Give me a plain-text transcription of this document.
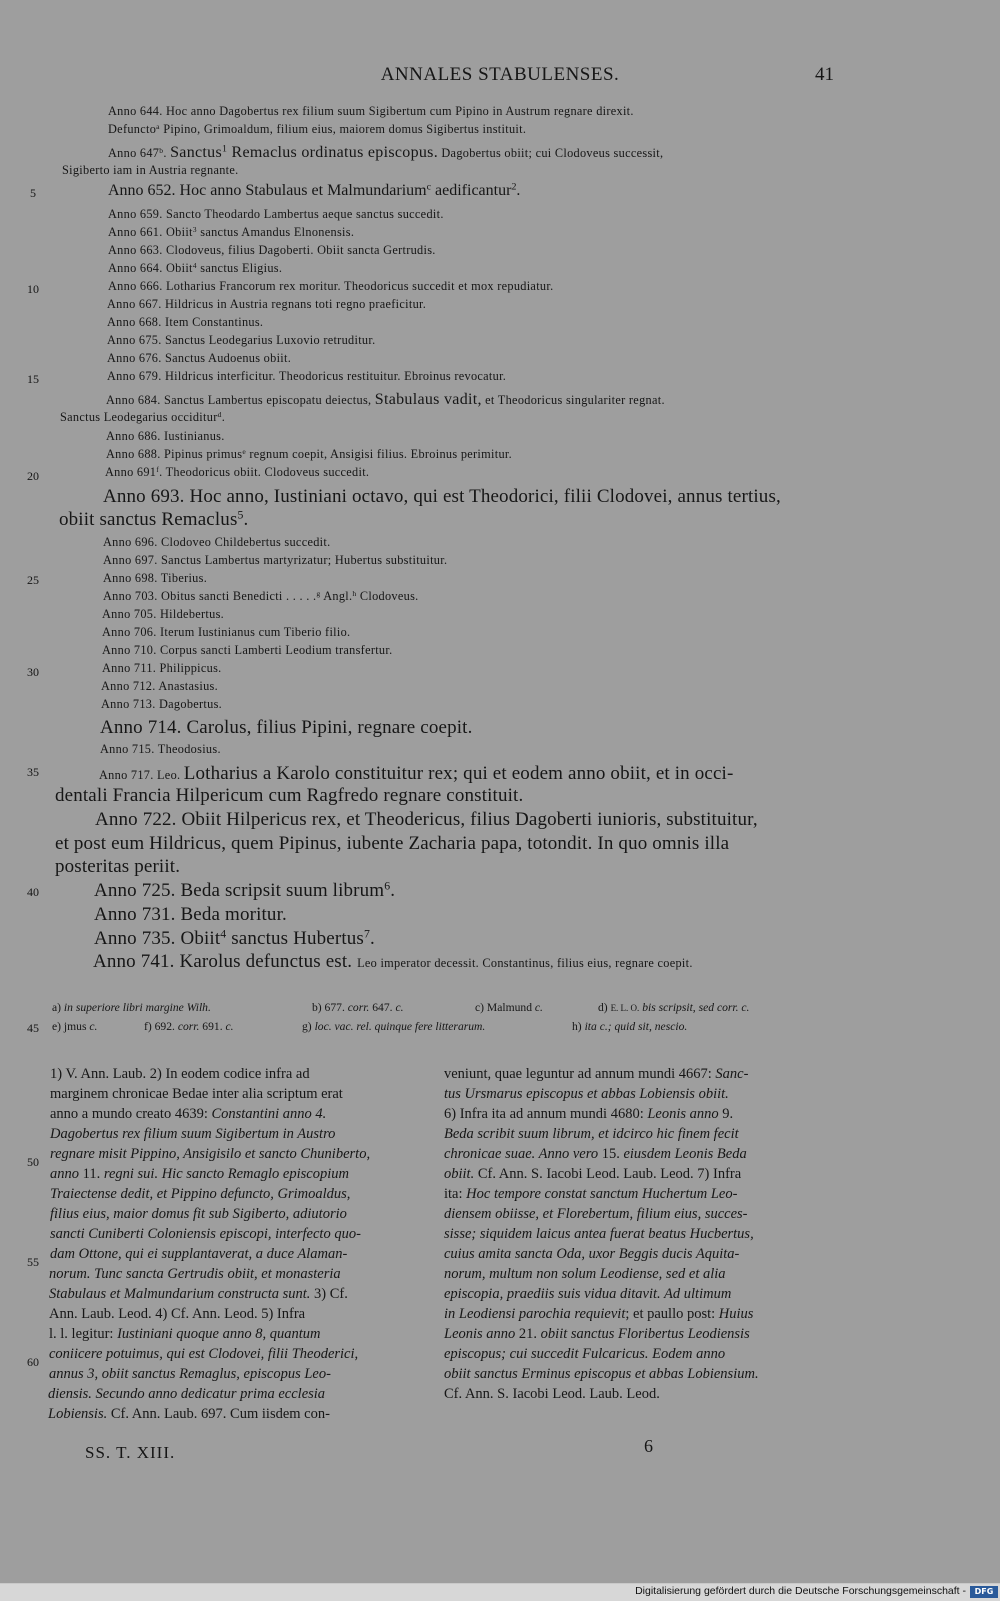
ANNALES STABULENSES.	41
Anno 644. Hoc anno Dagobertus rex filium suum Sigibertum cum Pipino in Austrum regnare direxit.
Defuncto$^a$ Pipino, Grimoaldum, filium eius, maiorem domus Sigibertus instituit.
Anno 647$^b$. Sanctus$^1$ Remaclus ordinatus episcopus. Dagobertus obiit; cui Clodoveus successit,
Sigiberto iam in Austria regnante.
Anno 652. Hoc anno Stabulaus et Malmundarium$^c$ aedificantur$^2$.
Anno 659. Sancto Theodardo Lambertus aeque sanctus succedit.
Anno 661. Obiit$^3$ sanctus Amandus Elnonensis.
Anno 663. Clodoveus, filius Dagoberti. Obiit sancta Gertrudis.
Anno 664. Obiit$^4$ sanctus Eligius.
Anno 666. Lotharius Francorum rex moritur. Theodoricus succedit et mox repudiatur.
Anno 667. Hildricus in Austria regnans toti regno praeficitur.
Anno 668. Item Constantinus.
Anno 675. Sanctus Leodegarius Luxovio retruditur.
Anno 676. Sanctus Audoenus obiit.
Anno 679. Hildricus interficitur. Theodoricus restituitur. Ebroinus revocatur.
Anno 684. Sanctus Lambertus episcopatu deiectus, Stabulaus vadit, et Theodoricus singulariter regnat.
Sanctus Leodegarius occiditur$^d$.
Anno 686. Iustinianus.
Anno 688. Pipinus primus$^e$ regnum coepit, Ansigisi filius. Ebroinus perimitur.
Anno 691$^f$. Theodoricus obiit. Clodoveus succedit.
Anno 693. Hoc anno, Iustiniani octavo, qui est Theodorici, filii Clodovei, annus tertius,
obiit sanctus Remaclus$^5$.
Anno 696. Clodoveo Childebertus succedit.
Anno 697. Sanctus Lambertus martyrizatur; Hubertus substituitur.
Anno 698. Tiberius.
Anno 703. Obitus sancti Benedicti . . . . .$^g$ Angl.$^h$ Clodoveus.
Anno 705. Hildebertus.
Anno 706. Iterum Iustinianus cum Tiberio filio.
Anno 710. Corpus sancti Lamberti Leodium transfertur.
Anno 711. Philippicus.
Anno 712. Anastasius.
Anno 713. Dagobertus.
Anno 714. Carolus, filius Pipini, regnare coepit.
Anno 715. Theodosius.
Anno 717. Leo. Lotharius a Karolo constituitur rex; qui et eodem anno obiit, et in occi-
dentali Francia Hilpericum cum Ragfredo regnare constituit.
Anno 722. Obiit Hilpericus rex, et Theodericus, filius Dagoberti iunioris, substituitur,
et post eum Hildricus, quem Pipinus, iubente Zacharia papa, totondit. In quo omnis illa
posteritas periit.
Anno 725. Beda scripsit suum librum$^6$.
Anno 731. Beda moritur.
Anno 735. Obiit$^4$ sanctus Hubertus$^7$.
Anno 741. Karolus defunctus est. Leo imperator decessit. Constantinus, filius eius, regnare coepit.
5
10
15
20
25
30
35
40
45
50
55
60
a) in superiore libri margine Wilh.	b) 677. corr. 647. c.	c) Malmund c.	d) E. L. O. bis scripsit, sed corr. c.
e) jmus c.	f) 692. corr. 691. c.	g) loc. vac. rel. quinque fere litterarum.	h) ita c.; quid sit, nescio.
1) V. Ann. Laub. 2) In eodem codice infra ad
marginem chronicae Bedae inter alia scriptum erat
anno a mundo creato 4639: Constantini anno 4.
Dagobertus rex filium suum Sigibertum in Austro
regnare misit Pippino, Ansigisilo et sancto Chuniberto,
anno 11. regni sui. Hic sancto Remaglo episcopium
Traiectense dedit, et Pippino defuncto, Grimoaldus,
filius eius, maior domus fit sub Sigiberto, adiutorio
sancti Cuniberti Coloniensis episcopi, interfecto quo-
dam Ottone, qui ei supplantaverat, a duce Alaman-
norum. Tunc sancta Gertrudis obiit, et monasteria
Stabulaus et Malmundarium constructa sunt. 3) Cf.
Ann. Laub. Leod. 4) Cf. Ann. Leod. 5) Infra
l. l. legitur: Iustiniani quoque anno 8, quantum
coniicere potuimus, qui est Clodovei, filii Theoderici,
annus 3, obiit sanctus Remaglus, episcopus Leo-
diensis. Secundo anno dedicatur prima ecclesia
Lobiensis. Cf. Ann. Laub. 697. Cum iisdem con-
veniunt, quae leguntur ad annum mundi 4667: Sanc-
tus Ursmarus episcopus et abbas Lobiensis obiit.
6) Infra ita ad annum mundi 4680: Leonis anno 9.
Beda scribit suum librum, et idcirco hic finem fecit
chronicae suae. Anno vero 15. eiusdem Leonis Beda
obiit. Cf. Ann. S. Iacobi Leod. Laub. Leod. 7) Infra
ita: Hoc tempore constat sanctum Huchertum Leo-
diensem obiisse, et Florebertum, filium eius, succes-
sisse; siquidem laicus antea fuerat beatus Hucbertus,
cuius amita sancta Oda, uxor Beggis ducis Aquita-
norum, multum non solum Leodiense, sed et alia
episcopia, praediis suis vidua ditavit. Ad ultimum
in Leodiensi parochia requievit; et paullo post: Huius
Leonis anno 21. obiit sanctus Floribertus Leodiensis
episcopus; cui succedit Fulcaricus. Eodem anno
obiit sanctus Erminus episcopus et abbas Lobiensium.
Cf. Ann. S. Iacobi Leod. Laub. Leod.
SS. T. XIII.	6
Digitalisierung gefördert durch die Deutsche Forschungsgemeinschaft -	DFG
